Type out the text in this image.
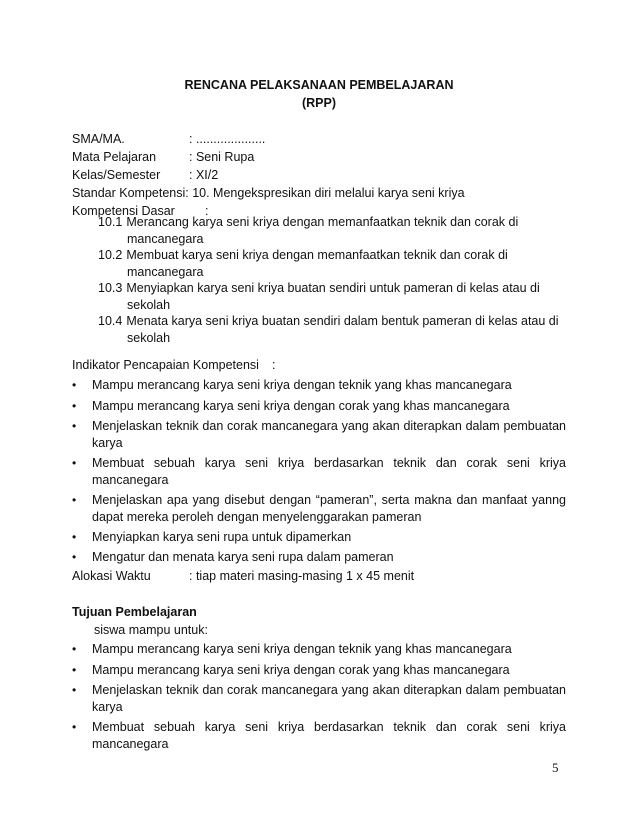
RENCANA PELAKSANAAN PEMBELAJARAN
(RPP)
SMA/MA.	: ....................
Mata Pelajaran	: Seni Rupa
Kelas/Semester : XI/2
Standar Kompetensi: 10. Mengekspresikan diri melalui karya seni kriya
Kompetensi Dasar :
10.1 Merancang karya seni kriya dengan memanfaatkan teknik dan corak di
mancanegara
10.2 Membuat karya seni kriya dengan memanfaatkan teknik dan corak di
mancanegara
10.3 Menyiapkan karya seni kriya buatan sendiri untuk pameran di kelas atau di
sekolah
10.4 Menata karya seni kriya buatan sendiri dalam bentuk pameran di kelas atau di
sekolah
Indikator Pencapaian Kompetensi :
• Mampu merancang karya seni kriya dengan teknik yang khas mancanegara
• Mampu merancang karya seni kriya dengan corak yang khas mancanegara
• Menjelaskan teknik dan corak mancanegara yang akan diterapkan dalam pembuatan karya
• Membuat sebuah karya seni kriya berdasarkan teknik dan corak seni kriya mancanegara
• Menjelaskan apa yang disebut dengan “pameran”, serta makna dan manfaat yanng dapat mereka peroleh dengan menyelenggarakan pameran
• Menyiapkan karya seni rupa untuk dipamerkan
• Mengatur dan menata karya seni rupa dalam pameran
Alokasi Waktu	: tiap materi masing-masing 1 x 45 menit
Tujuan Pembelajaran
siswa mampu untuk:
• Mampu merancang karya seni kriya dengan teknik yang khas mancanegara
• Mampu merancang karya seni kriya dengan corak yang khas mancanegara
• Menjelaskan teknik dan corak mancanegara yang akan diterapkan dalam pembuatan karya
• Membuat sebuah karya seni kriya berdasarkan teknik dan corak seni kriya mancanegara
5
